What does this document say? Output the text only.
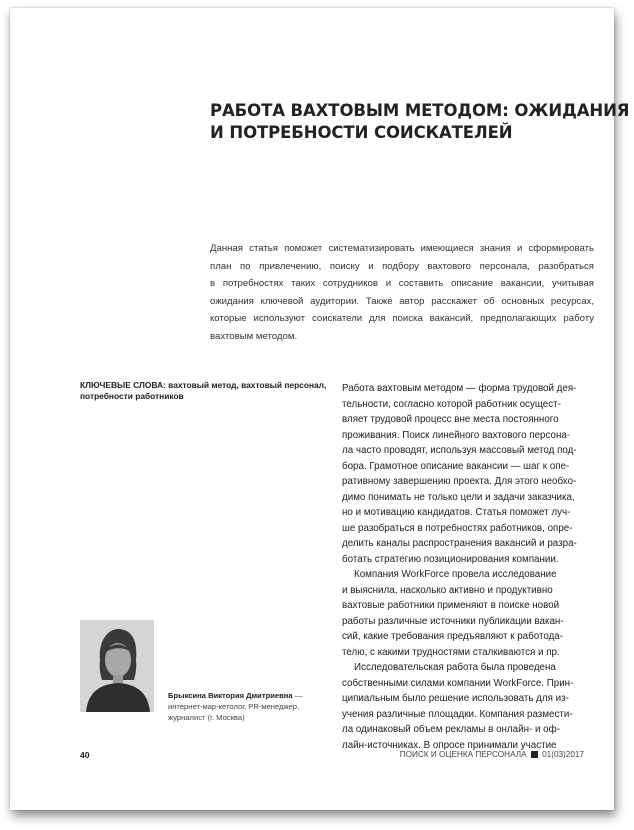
РАБОТА ВАХТОВЫМ МЕТОДОМ: ОЖИДАНИЯ
И ПОТРЕБНОСТИ СОИСКАТЕЛЕЙ
Данная статья поможет систематизировать имеющиеся знания и сформировать
план по привлечению, поиску и подбору вахтового персонала, разобраться
в потребностях таких сотрудников и составить описание вакансии, учитывая
ожидания ключевой аудитории. Также автор расскажет об основных ресурсах,
которые используют соискатели для поиска вакансий, предполагающих работу
вахтовым методом.
КЛЮЧЕВЫЕ СЛОВА: вахтовый метод, вахтовый персонал, потребности работников
Работа вахтовым методом — форма трудовой дея-
тельности, согласно которой работник осущест-
вляет трудовой процесс вне места постоянного
проживания. Поиск линейного вахтового персона-
ла часто проводят, используя массовый метод под-
бора. Грамотное описание вакансии — шаг к опе-
ративному завершению проекта. Для этого необхо-
димо понимать не только цели и задачи заказчика,
но и мотивацию кандидатов. Статья поможет луч-
ше разобраться в потребностях работников, опре-
делить каналы распространения вакансий и разра-
ботать стратегию позиционирования компании.
Компания WorkForce провела исследование
и выяснила, насколько активно и продуктивно
вахтовые работники применяют в поиске новой
работы различные источники публикации вакан-
сий, какие требования предъявляют к работода-
телю, с какими трудностями сталкиваются и пр.
Исследовательская работа была проведена
собственными силами компании WorkForce. Прин-
ципиальным было решение использовать для из-
учения различные площадки. Компания размести-
ла одинаковый объем рекламы в онлайн- и оф-
лайн-источниках. В опросе принимали участие
Брыксина Виктория Дмитриевна — интернет-мар-кетолог, PR-менеджер, журналист (г. Москва)
40	ПОИСК И ОЦЕНКА ПЕРСОНАЛА 01(03)2017
